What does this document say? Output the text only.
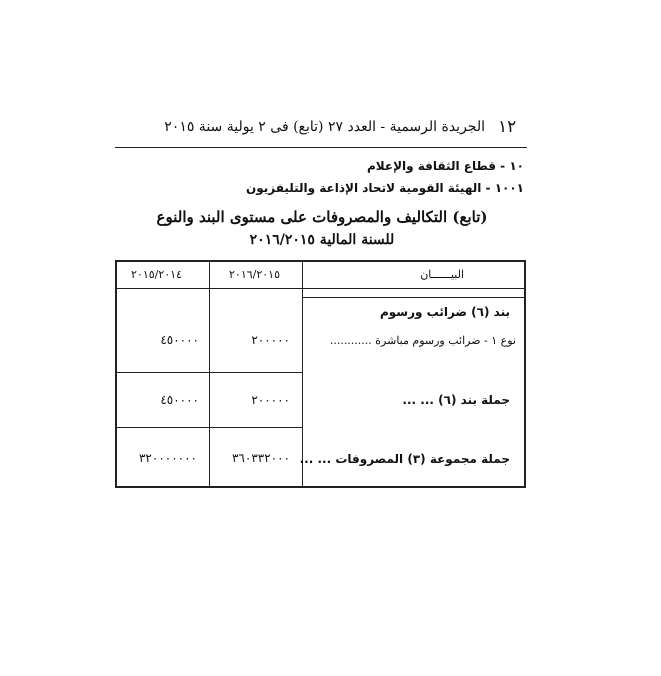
١٢
الجريدة الرسمية - العدد ٢٧ (تابع) فى ٢ يولية سنة ٢٠١٥
١٠ - قطاع الثقافة والإعلام
١٠٠١ - الهيئة القومية لاتحاد الإذاعة والتليفزيون
(تابع) التكاليف والمصروفات على مستوى البند والنوع
للسنة المالية ٢٠١٦/٢٠١٥
البيــــــان
٢٠١٦/٢٠١٥
٢٠١٥/٢٠١٤
بند (٦) ضرائب ورسوم
نوع ١ - ضرائب ورسوم مباشرة ............
٢٠٠٠٠٠
٤٥٠٠٠٠
جملة بند (٦) ... ...
٢٠٠٠٠٠
٤٥٠٠٠٠
جملة مجموعة (٣) المصروفات ... ...
٣٦٠٣٣٢٠٠٠
٣٢٠٠٠٠٠٠٠
